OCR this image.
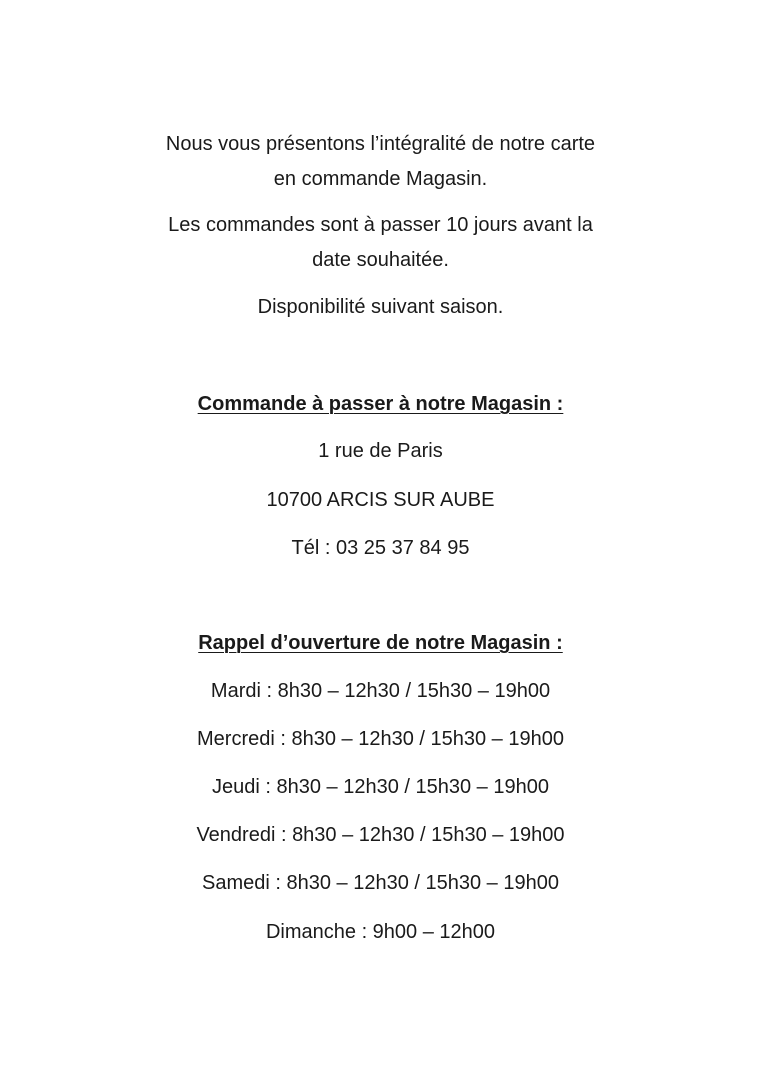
Nous vous présentons l’intégralité de notre carte
en commande Magasin.
Les commandes sont à passer 10 jours avant la
date souhaitée.
Disponibilité suivant saison.
Commande à passer à notre Magasin :
1 rue de Paris
10700 ARCIS SUR AUBE
Tél : 03 25 37 84 95
Rappel d’ouverture de notre Magasin :
Mardi : 8h30 – 12h30 / 15h30 – 19h00
Mercredi : 8h30 – 12h30 / 15h30 – 19h00
Jeudi : 8h30 – 12h30 / 15h30 – 19h00
Vendredi : 8h30 – 12h30 / 15h30 – 19h00
Samedi : 8h30 – 12h30 / 15h30 – 19h00
Dimanche : 9h00 – 12h00
